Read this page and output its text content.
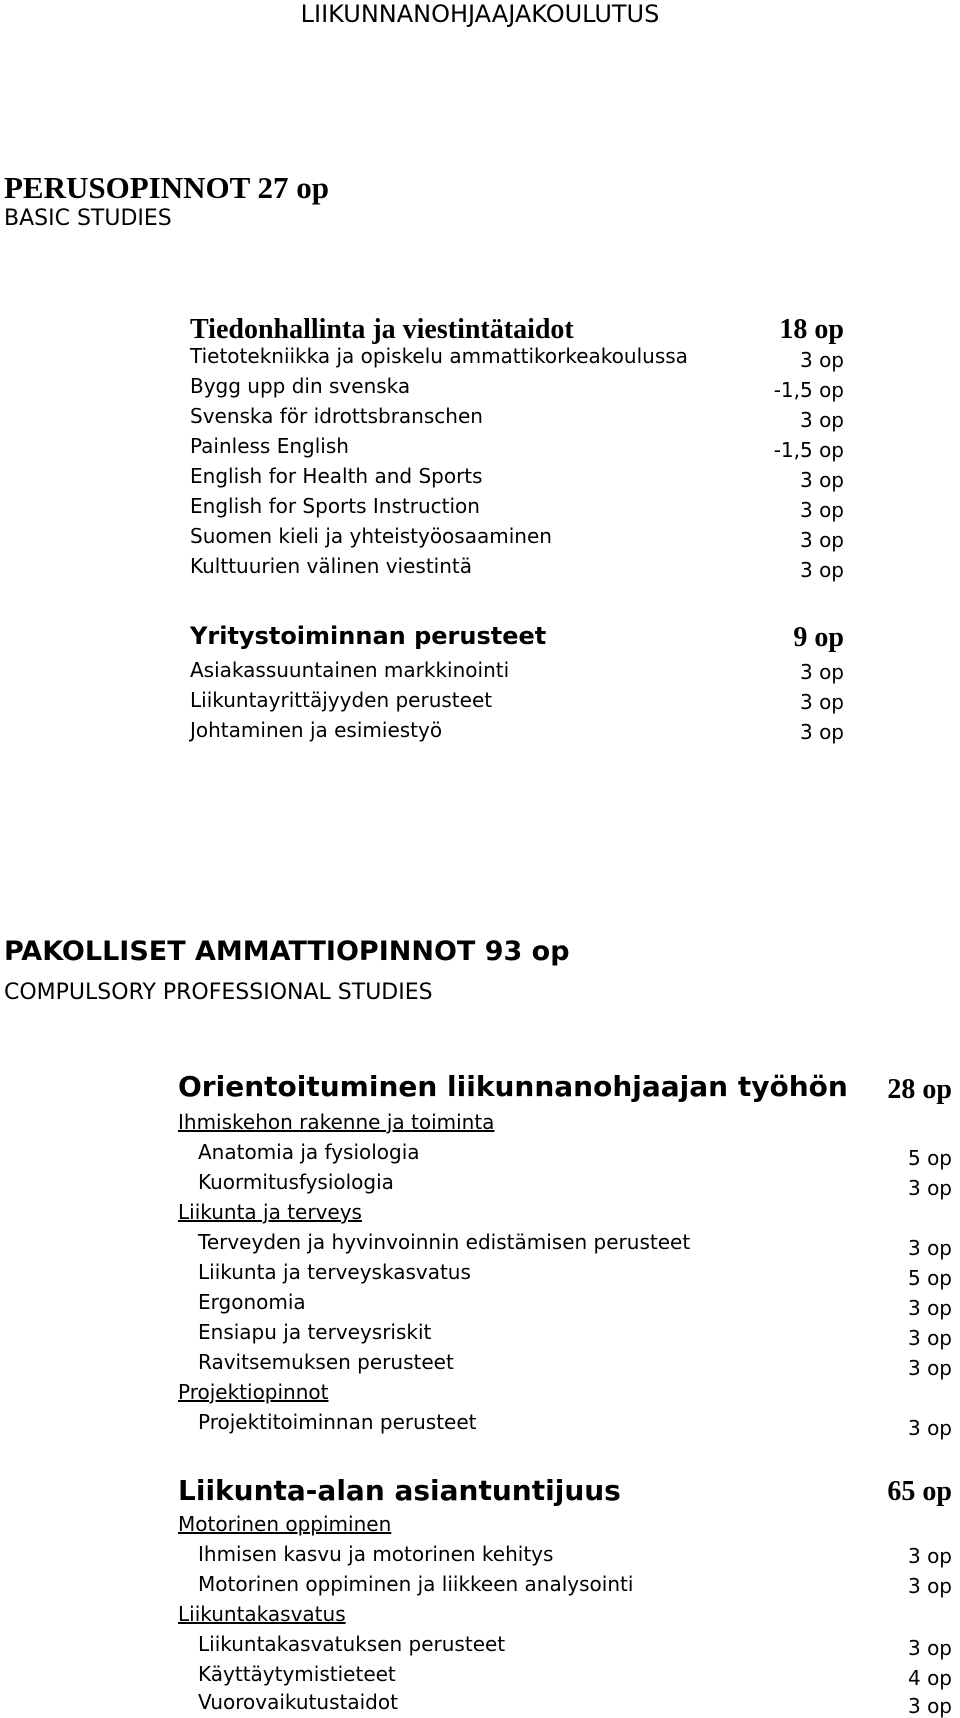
LIIKUNNANOHJAAJAKOULUTUS
PERUSOPINNOT 27 op
BASIC STUDIES
Tiedonhallinta ja viestintätaidot	18 op
Tietotekniikka ja opiskelu ammattikorkeakoulussa	3 op
Bygg upp din svenska	-1,5 op
Svenska för idrottsbranschen	3 op
Painless English	-1,5 op
English for Health and Sports	3 op
English for Sports Instruction	3 op
Suomen kieli ja yhteistyöosaaminen	3 op
Kulttuurien välinen viestintä	3 op
Yritystoiminnan perusteet	9 op
Asiakassuuntainen markkinointi	3 op
Liikuntayrittäjyyden perusteet	3 op
Johtaminen ja esimiestyö	3 op
PAKOLLISET AMMATTIOPINNOT 93 op
COMPULSORY PROFESSIONAL STUDIES
Orientoituminen liikunnanohjaajan työhön 28 op
Ihmiskehon rakenne ja toiminta
Anatomia ja fysiologia	5 op
Kuormitusfysiologia	3 op
Liikunta ja terveys
Terveyden ja hyvinvoinnin edistämisen perusteet	3 op
Liikunta ja terveyskasvatus	5 op
Ergonomia	3 op
Ensiapu ja terveysriskit	3 op
Ravitsemuksen perusteet	3 op
Projektiopinnot
Projektitoiminnan perusteet	3 op
Liikunta-alan asiantuntijuus	65 op
Motorinen oppiminen
Ihmisen kasvu ja motorinen kehitys	3 op
Motorinen oppiminen ja liikkeen analysointi	3 op
Liikuntakasvatus
Liikuntakasvatuksen perusteet	3 op
Käyttäytymistieteet	4 op
Vuorovaikutustaidot	3 op
